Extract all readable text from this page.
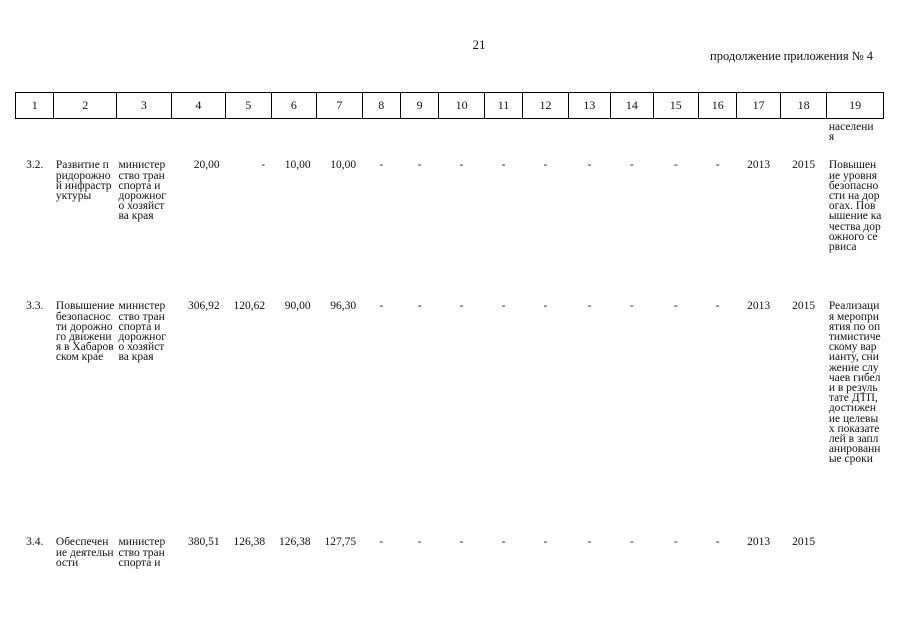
21
продолжение приложения № 4
1	2	3	4	5	6	7	8	9	10	11	12	13	14	15	16	17	18	19
																		населени я
3.2.	Развитие придорожной инфраструктуры	министерство транспорта и дорожного хозяйства края	20,00	-	10,00	10,00	-	-	-	-	-	-	-	-	-	2013	2015	Повышение уровня безопасности на дорогах. Повышение качества дорожного сервиса
3.3.	Повышение безопасности дорожного движения в Хабаровском крае	министерство транспорта и дорожного хозяйства края	306,92	120,62	90,00	96,30	-	-	-	-	-	-	-	-	-	2013	2015	Реализация мероприятия по оптимистическому варианту, снижение случаев гибели в результате ДТП, достижение целевых показателей в запланированные сроки
3.4.	Обеспечение деятельности	министерство транспорта и	380,51	126,38	126,38	127,75	-	-	-	-	-	-	-	-	-	2013	2015	
